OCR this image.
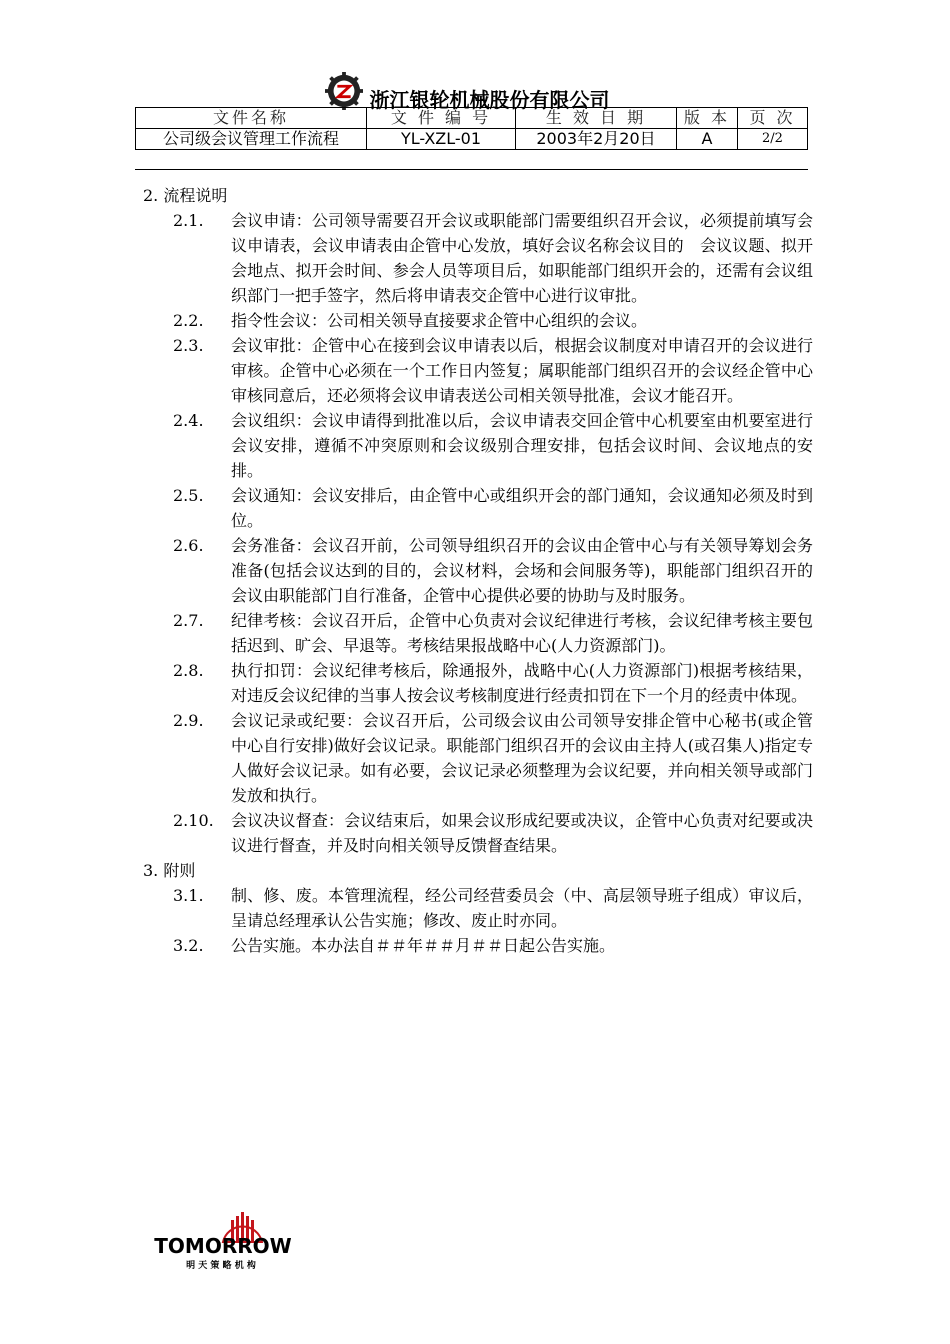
浙江银轮机械股份有限公司
文件名称	文 件 编 号	生 效 日 期	版 本	页 次
公司级会议管理工作流程	YL-XZL-01	2003年2月20日	A	2/2
2. 流程说明
2.1. 会议申请：公司领导需要召开会议或职能部门需要组织召开会议，必须提前填写会议申请表，会议申请表由企管中心发放，填好会议名称会议目的　会议议题、拟开会地点、拟开会时间、参会人员等项目后，如职能部门组织开会的，还需有会议组织部门一把手签字，然后将申请表交企管中心进行议审批。
2.2. 指令性会议：公司相关领导直接要求企管中心组织的会议。
2.3. 会议审批：企管中心在接到会议申请表以后，根据会议制度对申请召开的会议进行审核。企管中心必须在一个工作日内签复；属职能部门组织召开的会议经企管中心审核同意后，还必须将会议申请表送公司相关领导批准，会议才能召开。
2.4. 会议组织：会议申请得到批准以后，会议申请表交回企管中心机要室由机要室进行会议安排，遵循不冲突原则和会议级别合理安排，包括会议时间、会议地点的安排。
2.5. 会议通知：会议安排后，由企管中心或组织开会的部门通知，会议通知必须及时到位。
2.6. 会务准备：会议召开前，公司领导组织召开的会议由企管中心与有关领导筹划会务准备(包括会议达到的目的，会议材料，会场和会间服务等)，职能部门组织召开的会议由职能部门自行准备，企管中心提供必要的协助与及时服务。
2.7. 纪律考核：会议召开后，企管中心负责对会议纪律进行考核，会议纪律考核主要包括迟到、旷会、早退等。考核结果报战略中心(人力资源部门)。
2.8. 执行扣罚：会议纪律考核后，除通报外，战略中心(人力资源部门)根据考核结果，对违反会议纪律的当事人按会议考核制度进行经责扣罚在下一个月的经责中体现。
2.9. 会议记录或纪要：会议召开后，公司级会议由公司领导安排企管中心秘书(或企管中心自行安排)做好会议记录。职能部门组织召开的会议由主持人(或召集人)指定专人做好会议记录。如有必要，会议记录必须整理为会议纪要，并向相关领导或部门发放和执行。
2.10. 会议决议督查：会议结束后，如果会议形成纪要或决议，企管中心负责对纪要或决议进行督查，并及时向相关领导反馈督查结果。
3. 附则
3.1. 制、修、废。本管理流程，经公司经营委员会（中、高层领导班子组成）审议后，呈请总经理承认公告实施；修改、废止时亦同。
3.2. 公告实施。本办法自＃＃年＃＃月＃＃日起公告实施。
TOMORROW
明 天 策 略 机 构
